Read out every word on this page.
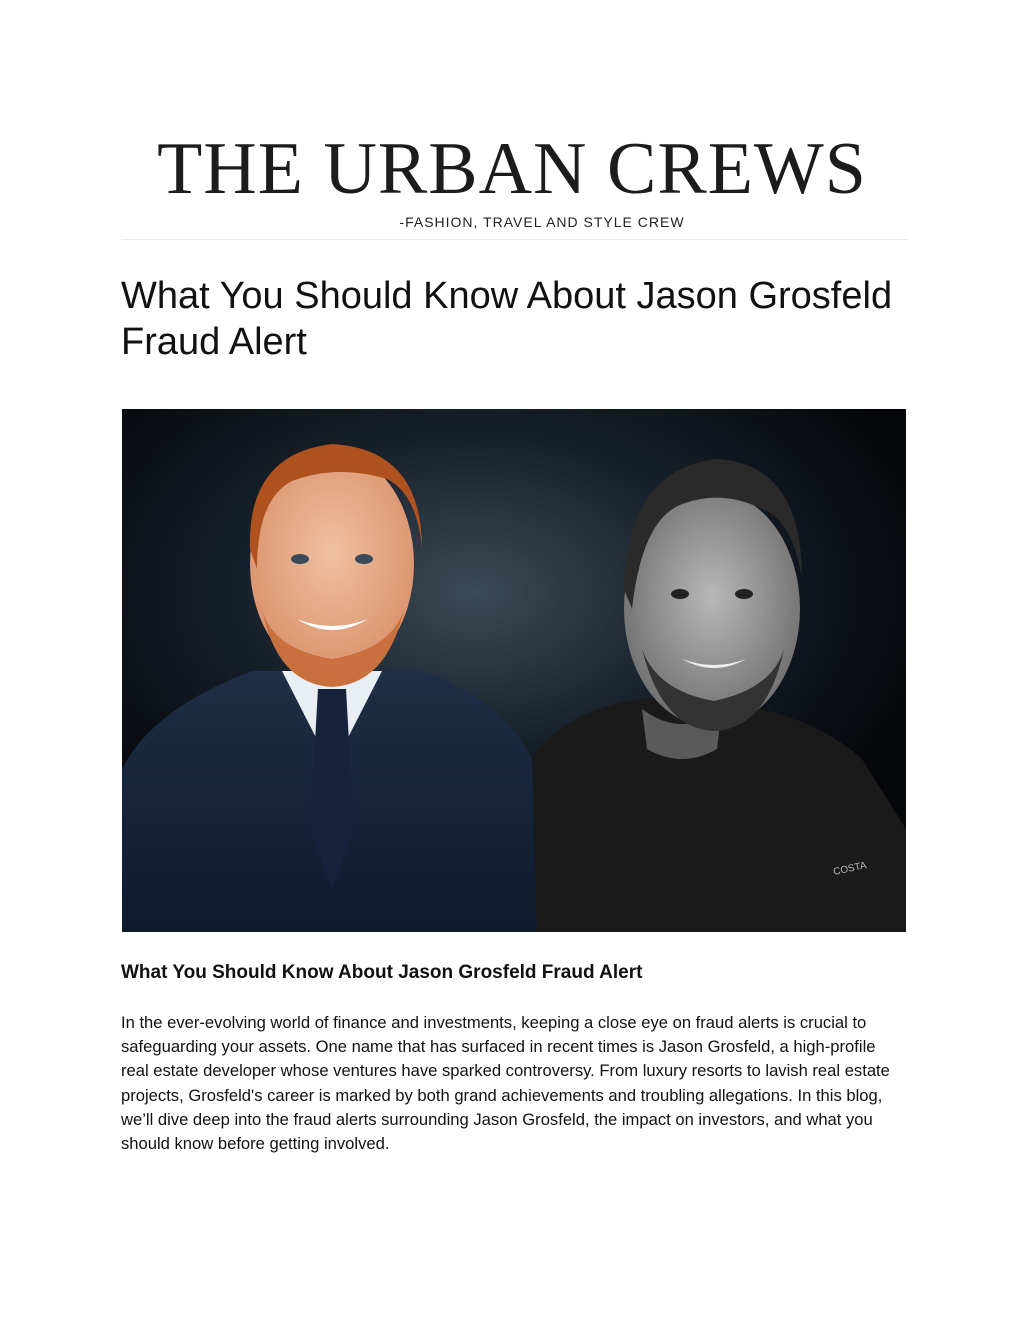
THE URBAN CREWS
-FASHION, TRAVEL AND STYLE CREW
What You Should Know About Jason Grosfeld Fraud Alert
COSTA
What You Should Know About Jason Grosfeld Fraud Alert

In the ever-evolving world of finance and investments, keeping a close eye on fraud alerts is crucial to safeguarding your assets. One name that has surfaced in recent times is Jason Grosfeld, a high-profile real estate developer whose ventures have sparked controversy. From luxury resorts to lavish real estate projects, Grosfeld's career is marked by both grand achievements and troubling allegations. In this blog, we’ll dive deep into the fraud alerts surrounding Jason Grosfeld, the impact on investors, and what you should know before getting involved.
